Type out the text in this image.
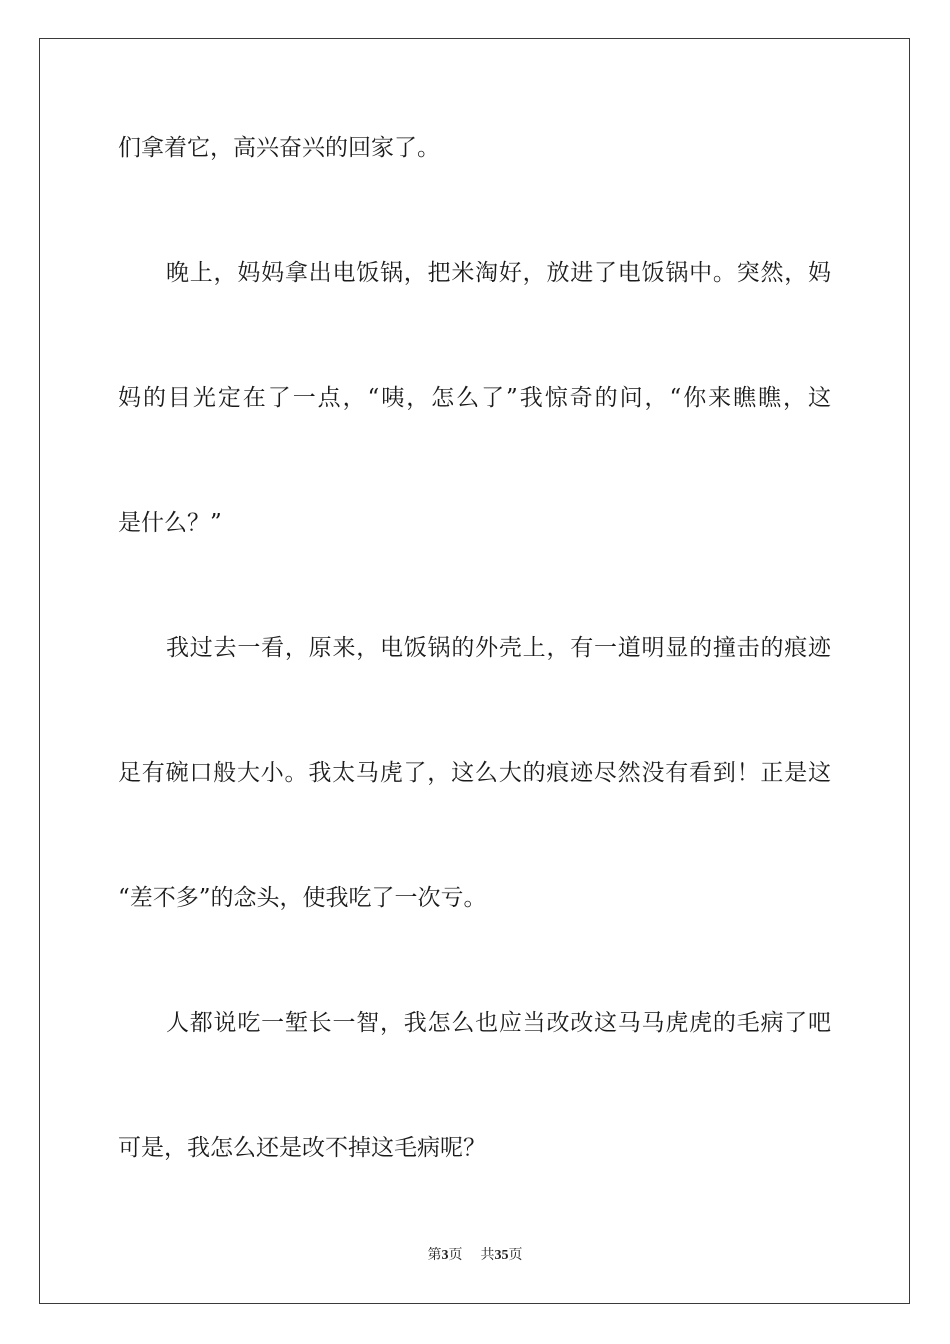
们拿着它，高兴奋兴的回家了。

晚上，妈妈拿出电饭锅，把米淘好，放进了电饭锅中。突然，妈

妈的目光定在了一点，“咦，怎么了”我惊奇的问，“你来瞧瞧，这

是什么？”

我过去一看，原来，电饭锅的外壳上，有一道明显的撞击的痕迹

足有碗口般大小。我太马虎了，这么大的痕迹尽然没有看到！正是这

“差不多”的念头，使我吃了一次亏。

人都说吃一堑长一智，我怎么也应当改改这马马虎虎的毛病了吧

可是，我怎么还是改不掉这毛病呢？

第3页 共35页
